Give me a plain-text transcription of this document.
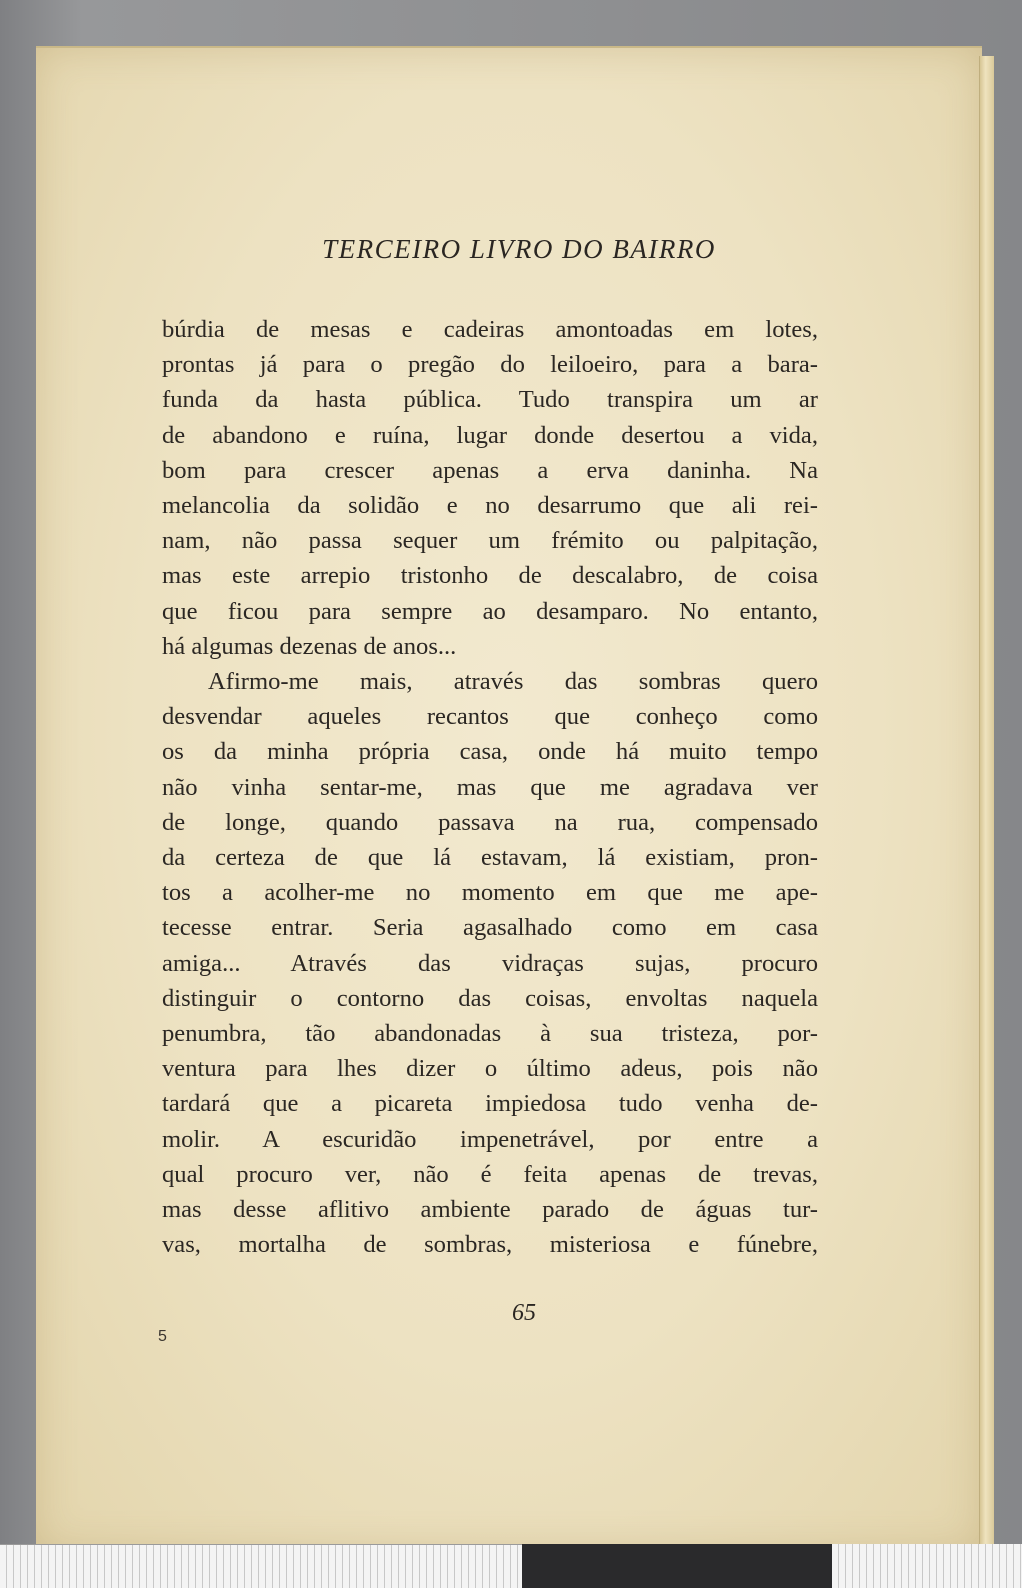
TERCEIRO LIVRO DO BAIRRO
búrdia de mesas e cadeiras amontoadas em lotes,
prontas já para o pregão do leiloeiro, para a bara-
funda da hasta pública. Tudo transpira um ar
de abandono e ruína, lugar donde desertou a vida,
bom para crescer apenas a erva daninha. Na
melancolia da solidão e no desarrumo que ali rei-
nam, não passa sequer um frémito ou palpitação,
mas este arrepio tristonho de descalabro, de coisa
que ficou para sempre ao desamparo. No entanto,
há algumas dezenas de anos...
Afirmo-me mais, através das sombras quero
desvendar aqueles recantos que conheço como
os da minha própria casa, onde há muito tempo
não vinha sentar-me, mas que me agradava ver
de longe, quando passava na rua, compensado
da certeza de que lá estavam, lá existiam, pron-
tos a acolher-me no momento em que me ape-
tecesse entrar. Seria agasalhado como em casa
amiga... Através das vidraças sujas, procuro
distinguir o contorno das coisas, envoltas naquela
penumbra, tão abandonadas à sua tristeza, por-
ventura para lhes dizer o último adeus, pois não
tardará que a picareta impiedosa tudo venha de-
molir. A escuridão impenetrável, por entre a
qual procuro ver, não é feita apenas de trevas,
mas desse aflitivo ambiente parado de águas tur-
vas, mortalha de sombras, misteriosa e fúnebre,
65
5
